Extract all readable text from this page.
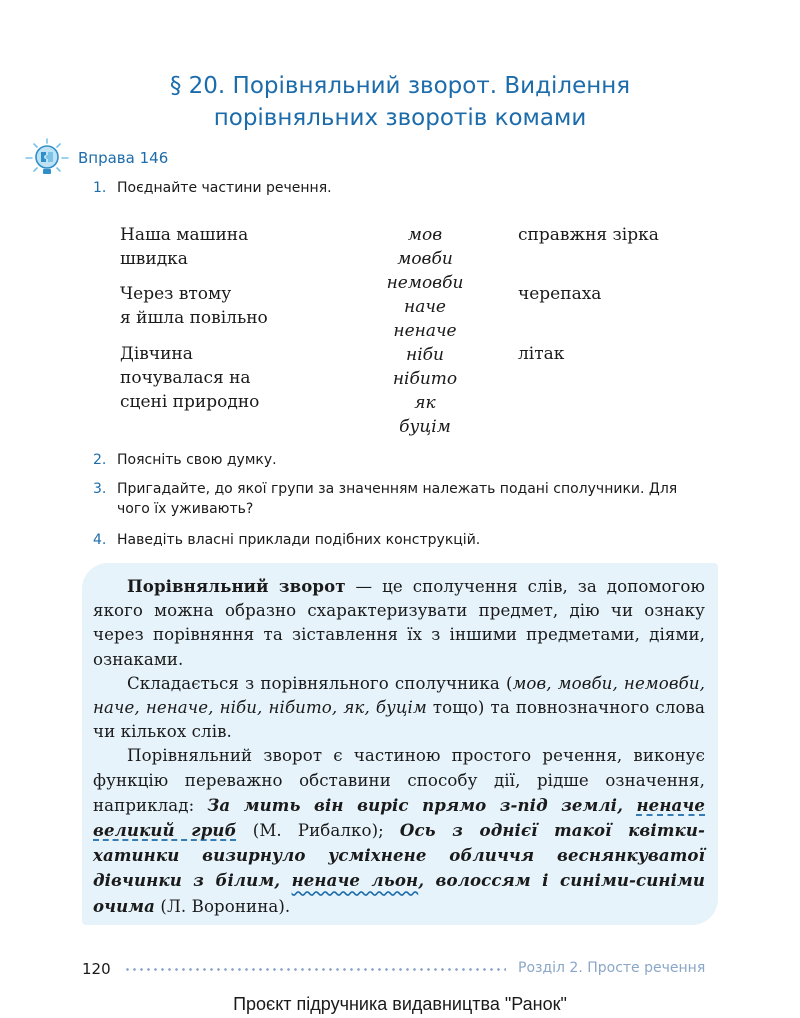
§ 20. Порівняльний зворот. Виділення
порівняльних зворотів комами
Вправа 146
1. Поєднайте частини речення.
Наша машина
швидка
Через втому
я йшла повільно
Дівчина
почувалася на
сцені природно
мов
мовби
немовби
наче
неначе
ніби
нібито
як
буцім
справжня зірка
черепаха
літак
2. Поясніть свою думку.
3. Пригадайте, до якої групи за значенням належать подані сполучники. Для
чого їх уживають?
4. Наведіть власні приклади подібних конструкцій.

Порівняльний зворот — це сполучення слів, за допомогою якого можна образно схарактеризувати предмет, дію чи ознаку через порівняння та зіставлення їх з іншими предметами, діями, ознаками.

Складається з порівняльного сполучника (мов, мовби, немовби, наче, неначе, ніби, нібито, як, буцім тощо) та повнозначного слова чи кількох слів.

Порівняльний зворот є частиною простого речення, виконує функцію переважно обставини способу дії, рідше означення, наприклад: За мить він виріс прямо з-під землі, неначе великий гриб (М. Рибалко); Ось з однієї такої квітки-хатинки визирнуло усміхнене обличчя веснянкуватої дівчинки з білим, неначе льон, волоссям і синіми-синіми очима (Л. Воронина).

120	Розділ 2. Просте речення
Проєкт підручника видавництва "Ранок"
